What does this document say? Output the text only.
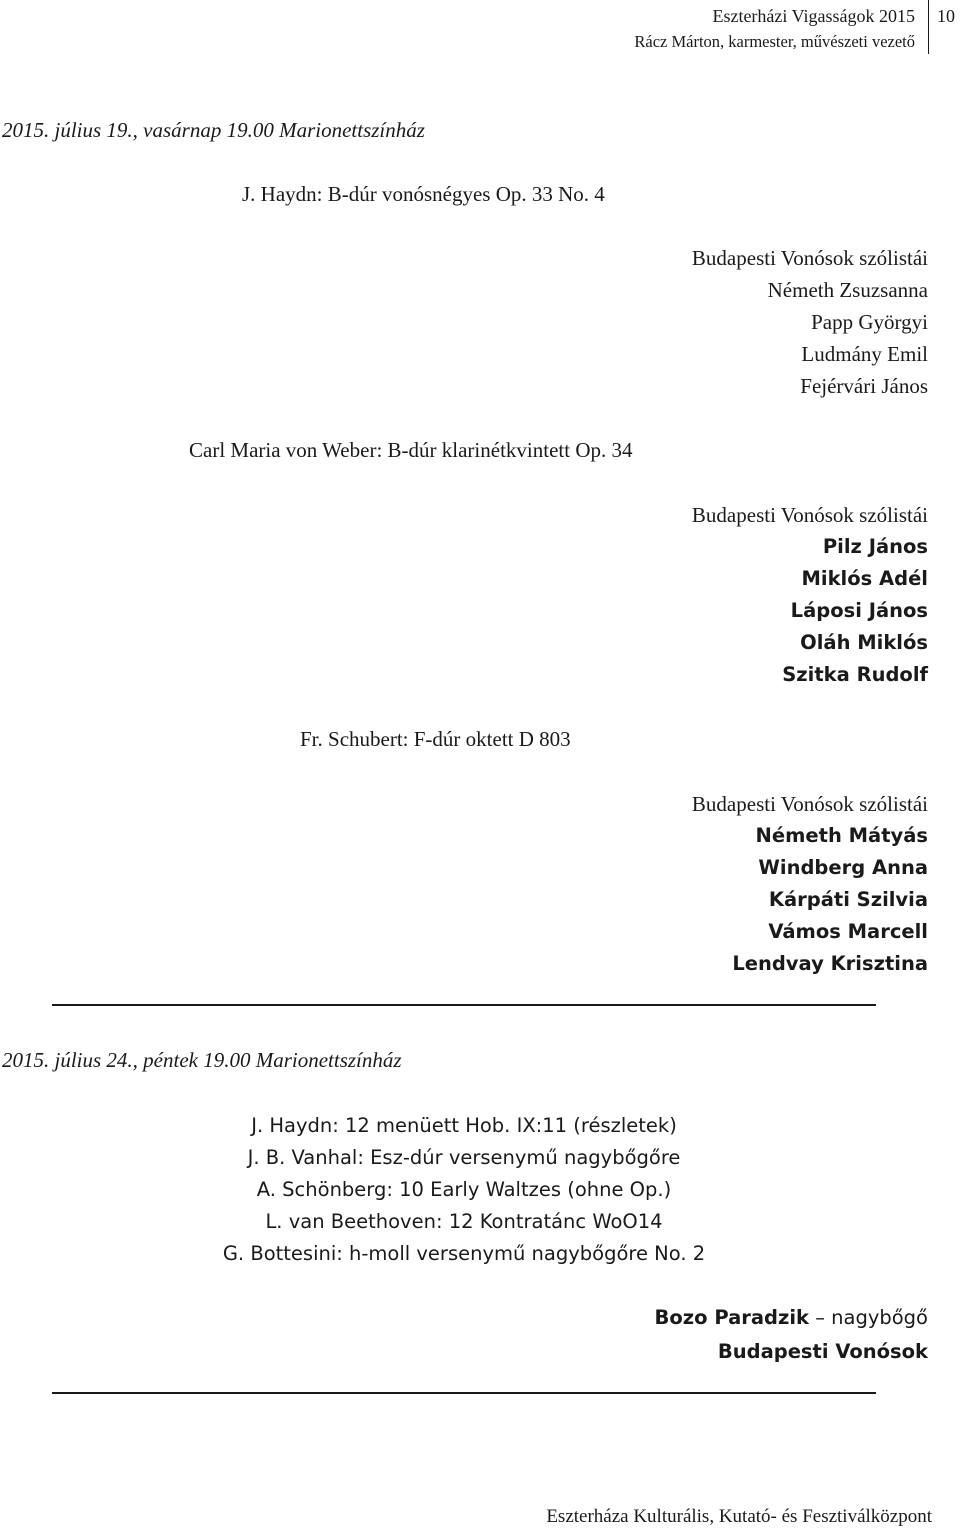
Eszterházi Vigasságok 2015
Rácz Márton, karmester, művészeti vezető
10
2015. július 19., vasárnap 19.00 Marionettszínház
J. Haydn: B-dúr vonósnégyes Op. 33 No. 4
Budapesti Vonósok szólistái
Németh Zsuzsanna
Papp Györgyi
Ludmány Emil
Fejérvári János
Carl Maria von Weber: B-dúr klarinétkvintett Op. 34
Budapesti Vonósok szólistái
Pilz János
Miklós Adél
Láposi János
Oláh Miklós
Szitka Rudolf
Fr. Schubert: F-dúr oktett D 803
Budapesti Vonósok szólistái
Németh Mátyás
Windberg Anna
Kárpáti Szilvia
Vámos Marcell
Lendvay Krisztina
2015. július 24., péntek 19.00 Marionettszínház
J. Haydn: 12 menüett Hob. IX:11 (részletek)
J. B. Vanhal: Esz-dúr versenymű nagybőgőre
A. Schönberg: 10 Early Waltzes (ohne Op.)
L. van Beethoven: 12 Kontratánc WoO14
G. Bottesini: h-moll versenymű nagybőgőre No. 2
Bozo Paradzik – nagybőgő
Budapesti Vonósok
Eszterháza Kulturális, Kutató- és Fesztiválközpont
